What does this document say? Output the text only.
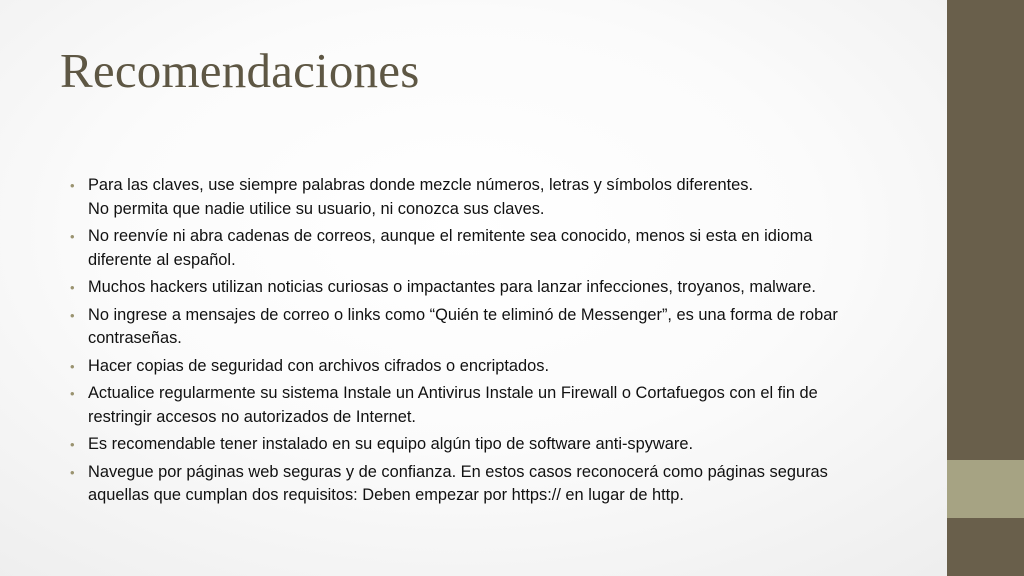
Recomendaciones
• Para las claves, use siempre palabras donde mezcle números, letras y símbolos diferentes.
No permita que nadie utilice su usuario, ni conozca sus claves.
• No reenvíe ni abra cadenas de correos, aunque el remitente sea conocido, menos si esta en idioma
diferente al español.
• Muchos hackers utilizan noticias curiosas o impactantes para lanzar infecciones, troyanos, malware.
• No ingrese a mensajes de correo o links como “Quién te eliminó de Messenger”, es una forma de robar
contraseñas.
• Hacer copias de seguridad con archivos cifrados o encriptados.
• Actualice regularmente su sistema Instale un Antivirus Instale un Firewall o Cortafuegos con el fin de
restringir accesos no autorizados de Internet.
• Es recomendable tener instalado en su equipo algún tipo de software anti-spyware.
• Navegue por páginas web seguras y de confianza. En estos casos reconocerá como páginas seguras
aquellas que cumplan dos requisitos: Deben empezar por https:// en lugar de http.
